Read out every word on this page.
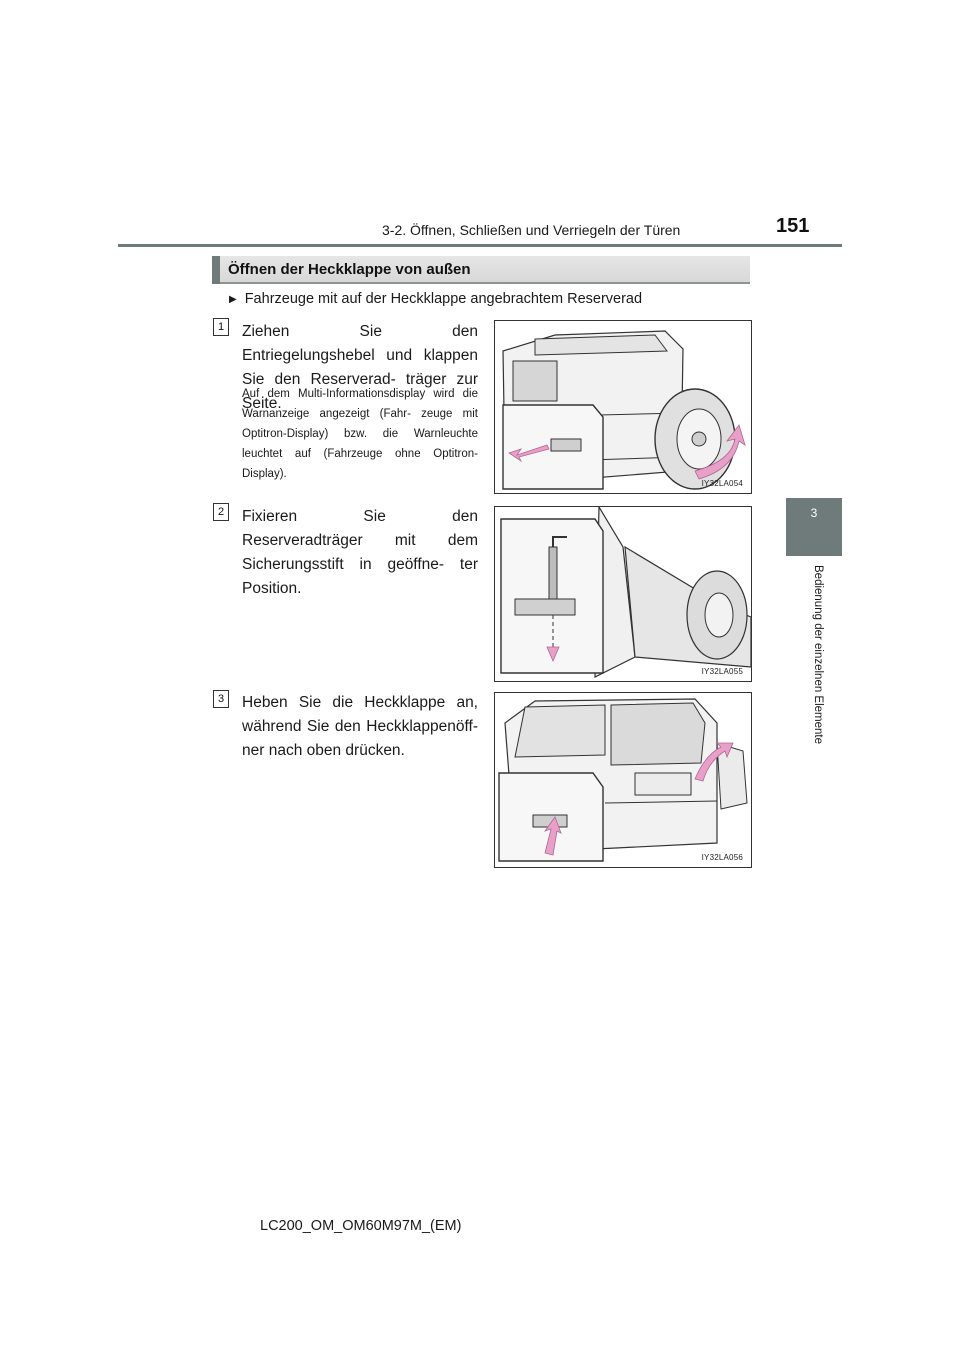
3-2. Öffnen, Schließen und Verriegeln der Türen	151
3
Bedienung der einzelnen Elemente
Öffnen der Heckklappe von außen
▶ Fahrzeuge mit auf der Heckklappe angebrachtem Reserverad
1	Ziehen Sie den Entriegelungshebel und klappen Sie den Reserverad- träger zur Seite.
Auf dem Multi-Informationsdisplay wird die Warnanzeige angezeigt (Fahr- zeuge mit Optitron-Display) bzw. die Warnleuchte leuchtet auf (Fahrzeuge ohne Optitron-Display).
IY32LA054
2	Fixieren Sie den Reserveradträger mit dem Sicherungsstift in geöffne- ter Position.
IY32LA055
3	Heben Sie die Heckklappe an, während Sie den Heckklappenöff- ner nach oben drücken.
IY32LA056
LC200_OM_OM60M97M_(EM)
